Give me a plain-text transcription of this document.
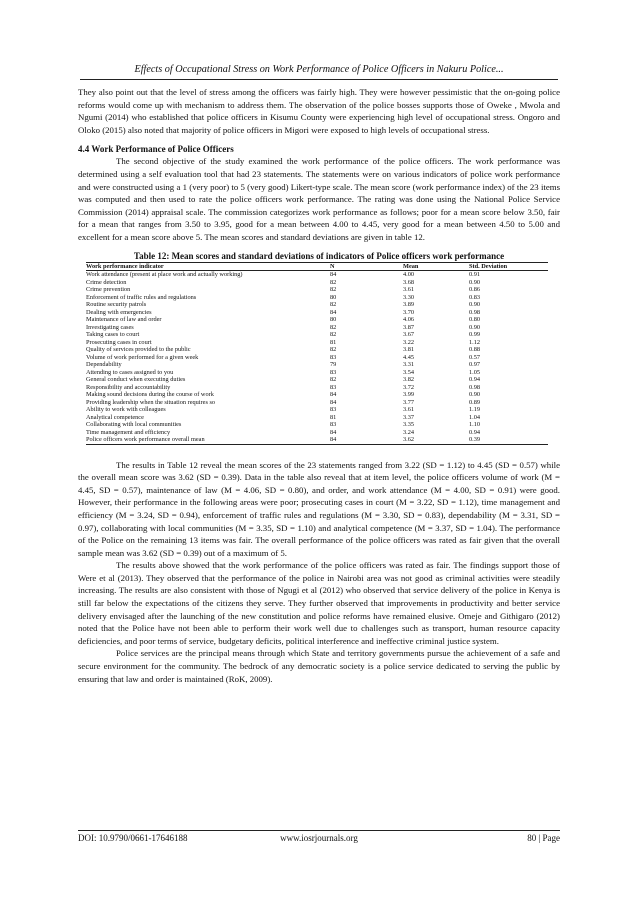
Effects of Occupational Stress on Work Performance of Police Officers in Nakuru Police...

They also point out that the level of stress among the officers was fairly high. They were however pessimistic that the on-going police reforms would come up with mechanism to address them. The observation of the police bosses supports those of Oweke , Mwola and Ngumi (2014) who established that police officers in Kisumu County were experiencing high level of occupational stress. Ongoro and Oloko (2015) also noted that majority of police officers in Migori were exposed to high levels of occupational stress.

4.4 Work Performance of Police Officers

The second objective of the study examined the work performance of the police officers. The work performance was determined using a self evaluation tool that had 23 statements. The statements were on various indicators of police work performance and were constructed using a 1 (very poor) to 5 (very good) Likert-type scale. The mean score (work performance index) of the 23 items was computed and then used to rate the police officers work performance. The rating was done using the National Police Service Commission (2014) appraisal scale. The commission categorizes work performance as follows; poor for a mean score below 3.50, fair for a mean that ranges from 3.50 to 3.95, good for a mean between 4.00 to 4.45, very good for a mean between 4.50 to 5.00 and excellent for a mean score above 5. The mean scores and standard deviations are given in table 12.

Table 12: Mean scores and standard deviations of indicators of Police officers work performance
Work performance indicator	N	Mean	Std. Deviation
Work attendance (present at place work and actually working)	84	4.00	0.91
Crime detection	82	3.68	0.90
Crime prevention	82	3.61	0.86
Enforcement of traffic rules and regulations	80	3.30	0.83
Routine security patrols	82	3.89	0.90
Dealing with emergencies	84	3.70	0.98
Maintenance of law and order	80	4.06	0.80
Investigating cases	82	3.87	0.90
Taking cases to court	82	3.67	0.99
Prosecuting cases in court	81	3.22	1.12
Quality of services provided to the public	82	3.81	0.88
Volume of work performed for a given week	83	4.45	0.57
Dependability	79	3.31	0.97
Attending to cases assigned to you	83	3.54	1.05
General conduct when executing duties	82	3.82	0.94
Responsibility and accountability	83	3.72	0.98
Making sound decisions during the course of work	84	3.99	0.90
Providing leadership when the situation requires so	84	3.77	0.89
Ability to work with colleagues	83	3.61	1.19
Analytical competence	81	3.37	1.04
Collaborating with local communities	83	3.35	1.10
Time management and efficiency	84	3.24	0.94
Police officers work performance overall mean	84	3.62	0.39

The results in Table 12 reveal the mean scores of the 23 statements ranged from 3.22 (SD = 1.12) to 4.45 (SD = 0.57) while the overall mean score was 3.62 (SD = 0.39). Data in the table also reveal that at item level, the police officers volume of work (M = 4.45, SD = 0.57), maintenance of law (M = 4.06, SD = 0.80), and order, and work attendance (M = 4.00, SD = 0.91) were good. However, their performance in the following areas were poor; prosecuting cases in court (M = 3.22, SD = 1.12), time management and efficiency (M = 3.24, SD = 0.94), enforcement of traffic rules and regulations (M = 3.30, SD = 0.83), dependability (M = 3.31, SD = 0.97), collaborating with local communities (M = 3.35, SD = 1.10) and analytical competence (M = 3.37, SD = 1.04). The performance of the Police on the remaining 13 items was fair. The overall performance of the police officers was rated as fair given that the overall sample mean was 3.62 (SD = 0.39) out of a maximum of 5.

The results above showed that the work performance of the police officers was rated as fair. The findings support those of Were et al (2013). They observed that the performance of the police in Nairobi area was not good as criminal activities were steadily increasing. The results are also consistent with those of Ngugi et al (2012) who observed that service delivery of the police in Kenya is still far below the expectations of the citizens they serve. They further observed that improvements in productivity and better service delivery envisaged after the launching of the new constitution and police reforms have remained elusive. Omeje and Githigaro (2012) noted that the Police have not been able to perform their work well due to challenges such as transport, human resource capacity deficiencies, and poor terms of service, budgetary deficits, political interference and ineffective criminal justice system.

Police services are the principal means through which State and territory governments pursue the achievement of a safe and secure environment for the community. The bedrock of any democratic society is a police service dedicated to serving the public by ensuring that law and order is maintained (RoK, 2009).

DOI: 10.9790/0661-17646188	www.iosrjournals.org	80 | Page
